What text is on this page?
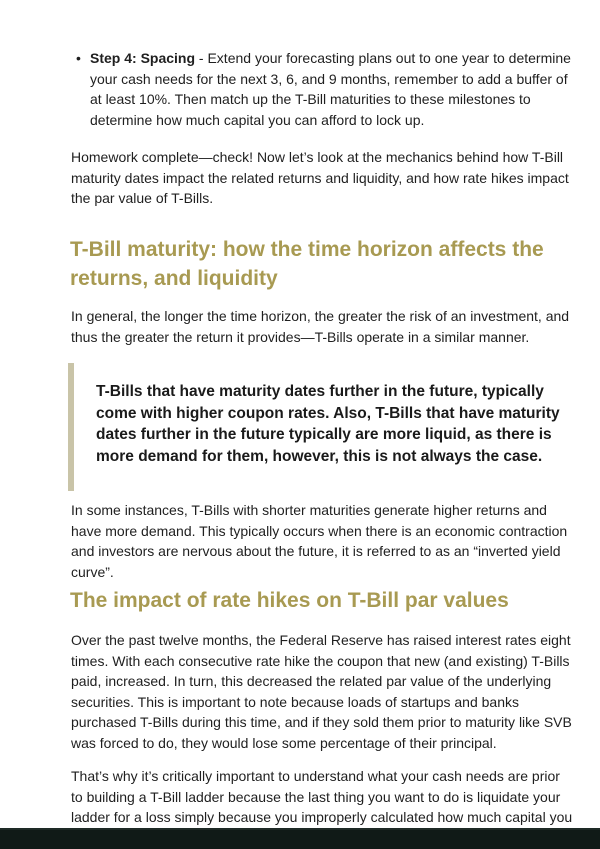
• Step 4: Spacing - Extend your forecasting plans out to one year to determine your cash needs for the next 3, 6, and 9 months, remember to add a buffer of at least 10%. Then match up the T-Bill maturities to these milestones to determine how much capital you can afford to lock up.

Homework complete—check! Now let’s look at the mechanics behind how T-Bill maturity dates impact the related returns and liquidity, and how rate hikes impact the par value of T-Bills.

T-Bill maturity: how the time horizon affects the returns, and liquidity

In general, the longer the time horizon, the greater the risk of an investment, and thus the greater the return it provides—T-Bills operate in a similar manner.

T-Bills that have maturity dates further in the future, typically come with higher coupon rates. Also, T-Bills that have maturity dates further in the future typically are more liquid, as there is more demand for them, however, this is not always the case.

In some instances, T-Bills with shorter maturities generate higher returns and have more demand. This typically occurs when there is an economic contraction and investors are nervous about the future, it is referred to as an “inverted yield curve”.

The impact of rate hikes on T-Bill par values

Over the past twelve months, the Federal Reserve has raised interest rates eight times. With each consecutive rate hike the coupon that new (and existing) T-Bills paid, increased. In turn, this decreased the related par value of the underlying securities. This is important to note because loads of startups and banks purchased T-Bills during this time, and if they sold them prior to maturity like SVB was forced to do, they would lose some percentage of their principal.

That’s why it’s critically important to understand what your cash needs are prior to building a T-Bill ladder because the last thing you want to do is liquidate your ladder for a loss simply because you improperly calculated how much capital you
